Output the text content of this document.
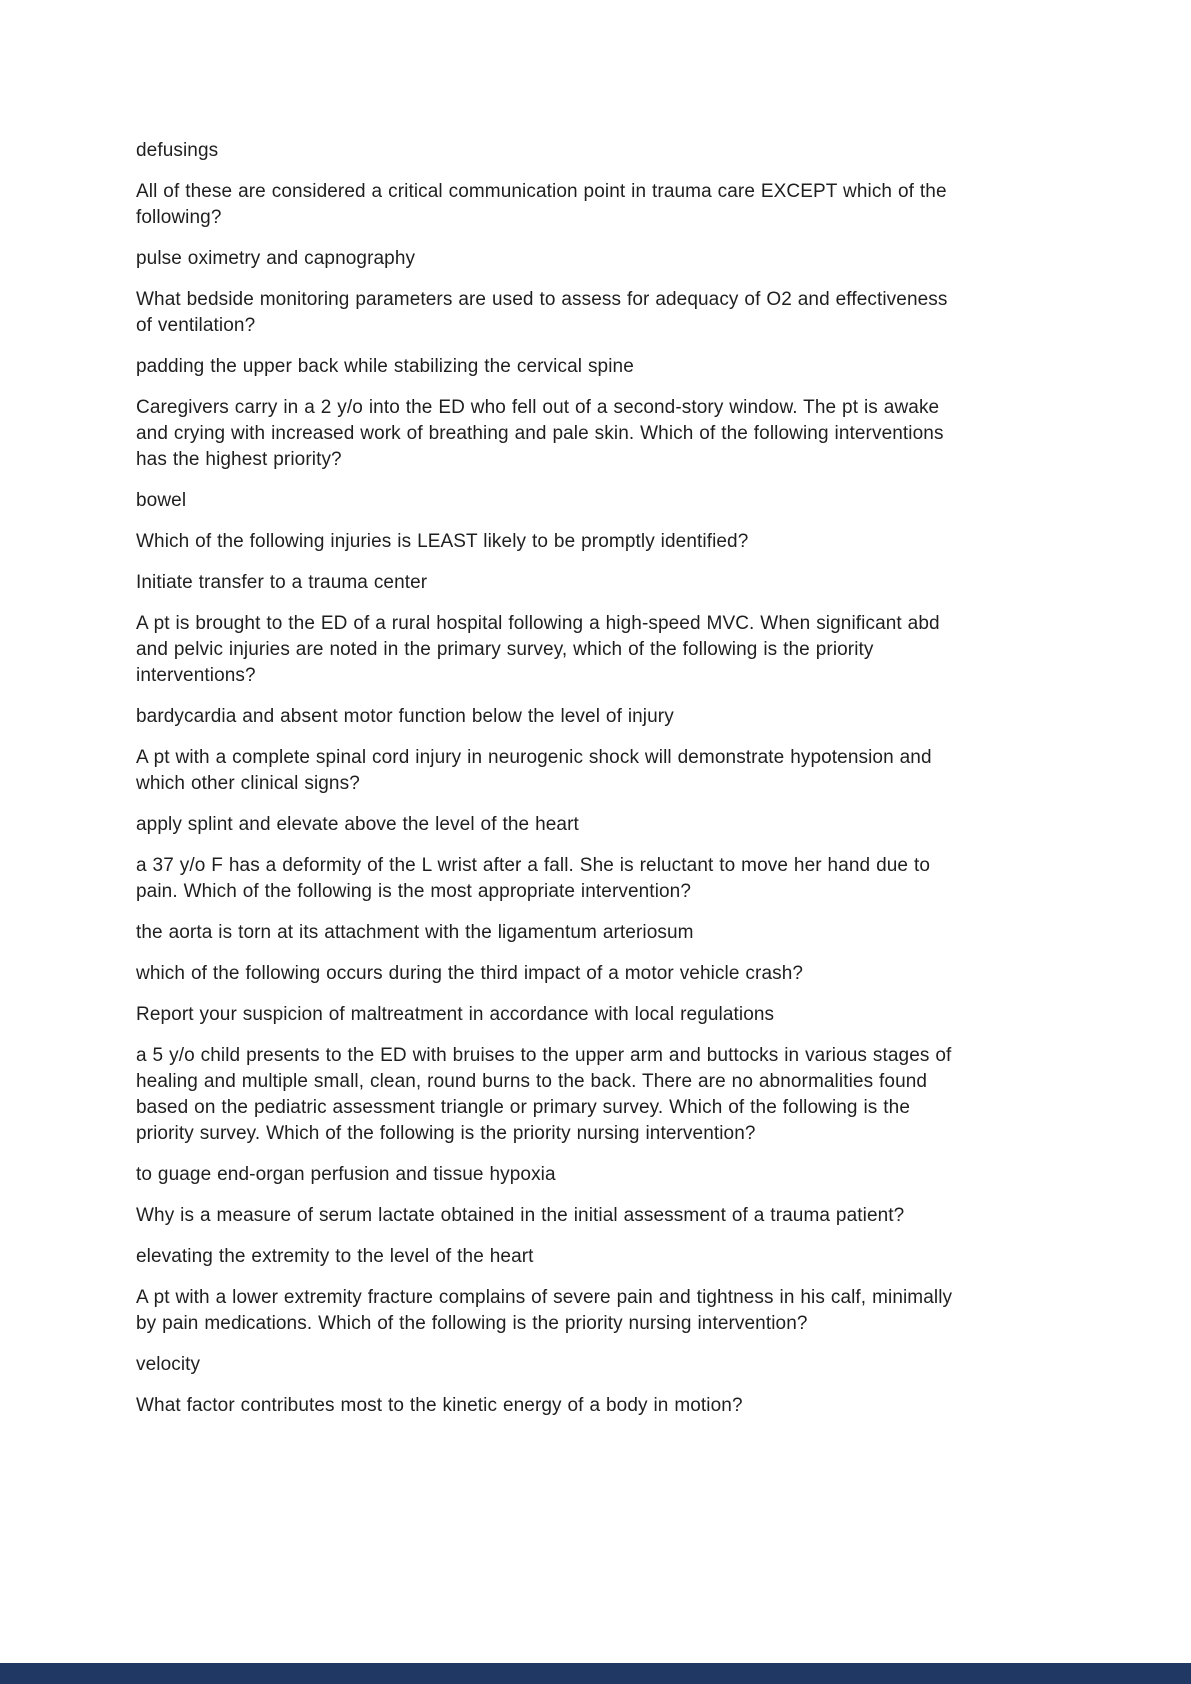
defusings

All of these are considered a critical communication point in trauma care EXCEPT which of the following?

pulse oximetry and capnography

What bedside monitoring parameters are used to assess for adequacy of O2 and effectiveness of ventilation?

padding the upper back while stabilizing the cervical spine

Caregivers carry in a 2 y/o into the ED who fell out of a second-story window. The pt is awake and crying with increased work of breathing and pale skin. Which of the following interventions has the highest priority?

bowel

Which of the following injuries is LEAST likely to be promptly identified?

Initiate transfer to a trauma center

A pt is brought to the ED of a rural hospital following a high-speed MVC. When significant abd and pelvic injuries are noted in the primary survey, which of the following is the priority interventions?

bardycardia and absent motor function below the level of injury

A pt with a complete spinal cord injury in neurogenic shock will demonstrate hypotension and which other clinical signs?

apply splint and elevate above the level of the heart

a 37 y/o F has a deformity of the L wrist after a fall. She is reluctant to move her hand due to pain. Which of the following is the most appropriate intervention?

the aorta is torn at its attachment with the ligamentum arteriosum

which of the following occurs during the third impact of a motor vehicle crash?

Report your suspicion of maltreatment in accordance with local regulations

a 5 y/o child presents to the ED with bruises to the upper arm and buttocks in various stages of healing and multiple small, clean, round burns to the back. There are no abnormalities found based on the pediatric assessment triangle or primary survey. Which of the following is the priority survey. Which of the following is the priority nursing intervention?

to guage end-organ perfusion and tissue hypoxia

Why is a measure of serum lactate obtained in the initial assessment of a trauma patient?

elevating the extremity to the level of the heart

A pt with a lower extremity fracture complains of severe pain and tightness in his calf, minimally by pain medications. Which of the following is the priority nursing intervention?

velocity

What factor contributes most to the kinetic energy of a body in motion?
